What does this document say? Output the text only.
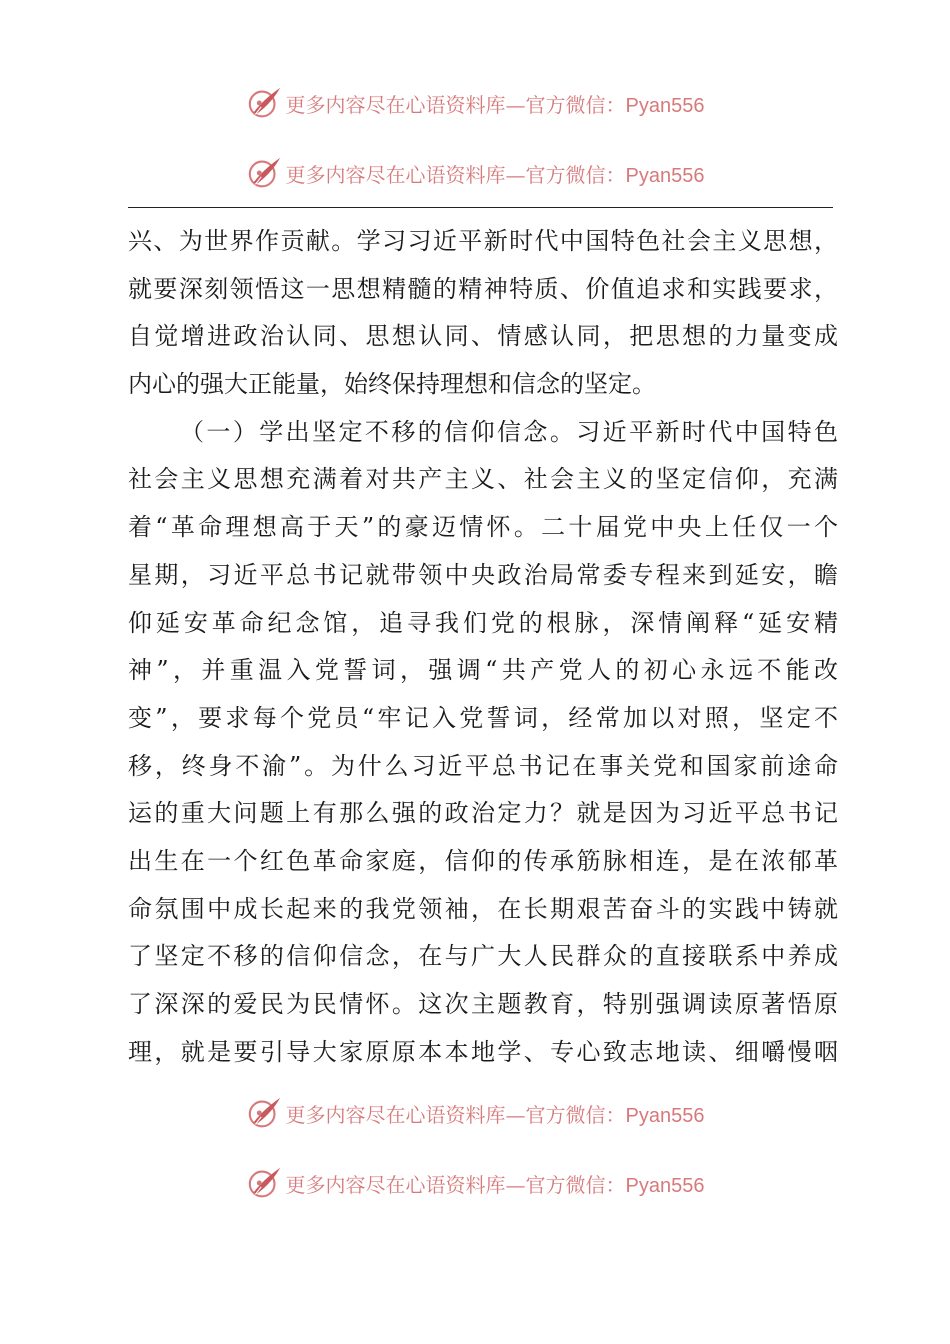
更多内容尽在心语资料库—官方微信：Pyan556
更多内容尽在心语资料库—官方微信：Pyan556
兴、为世界作贡献。学习习近平新时代中国特色社会主义思想，
就要深刻领悟这一思想精髓的精神特质、价值追求和实践要求，
自觉增进政治认同、思想认同、情感认同，把思想的力量变成
内心的强大正能量，始终保持理想和信念的坚定。
（一）学出坚定不移的信仰信念。习近平新时代中国特色
社会主义思想充满着对共产主义、社会主义的坚定信仰，充满
着“革命理想高于天”的豪迈情怀。二十届党中央上任仅一个
星期，习近平总书记就带领中央政治局常委专程来到延安，瞻
仰延安革命纪念馆，追寻我们党的根脉，深情阐释“延安精
神”，并重温入党誓词，强调“共产党人的初心永远不能改
变”，要求每个党员“牢记入党誓词，经常加以对照，坚定不
移，终身不渝”。为什么习近平总书记在事关党和国家前途命
运的重大问题上有那么强的政治定力？就是因为习近平总书记
出生在一个红色革命家庭，信仰的传承筋脉相连，是在浓郁革
命氛围中成长起来的我党领袖，在长期艰苦奋斗的实践中铸就
了坚定不移的信仰信念，在与广大人民群众的直接联系中养成
了深深的爱民为民情怀。这次主题教育，特别强调读原著悟原
理，就是要引导大家原原本本地学、专心致志地读、细嚼慢咽
更多内容尽在心语资料库—官方微信：Pyan556
更多内容尽在心语资料库—官方微信：Pyan556
